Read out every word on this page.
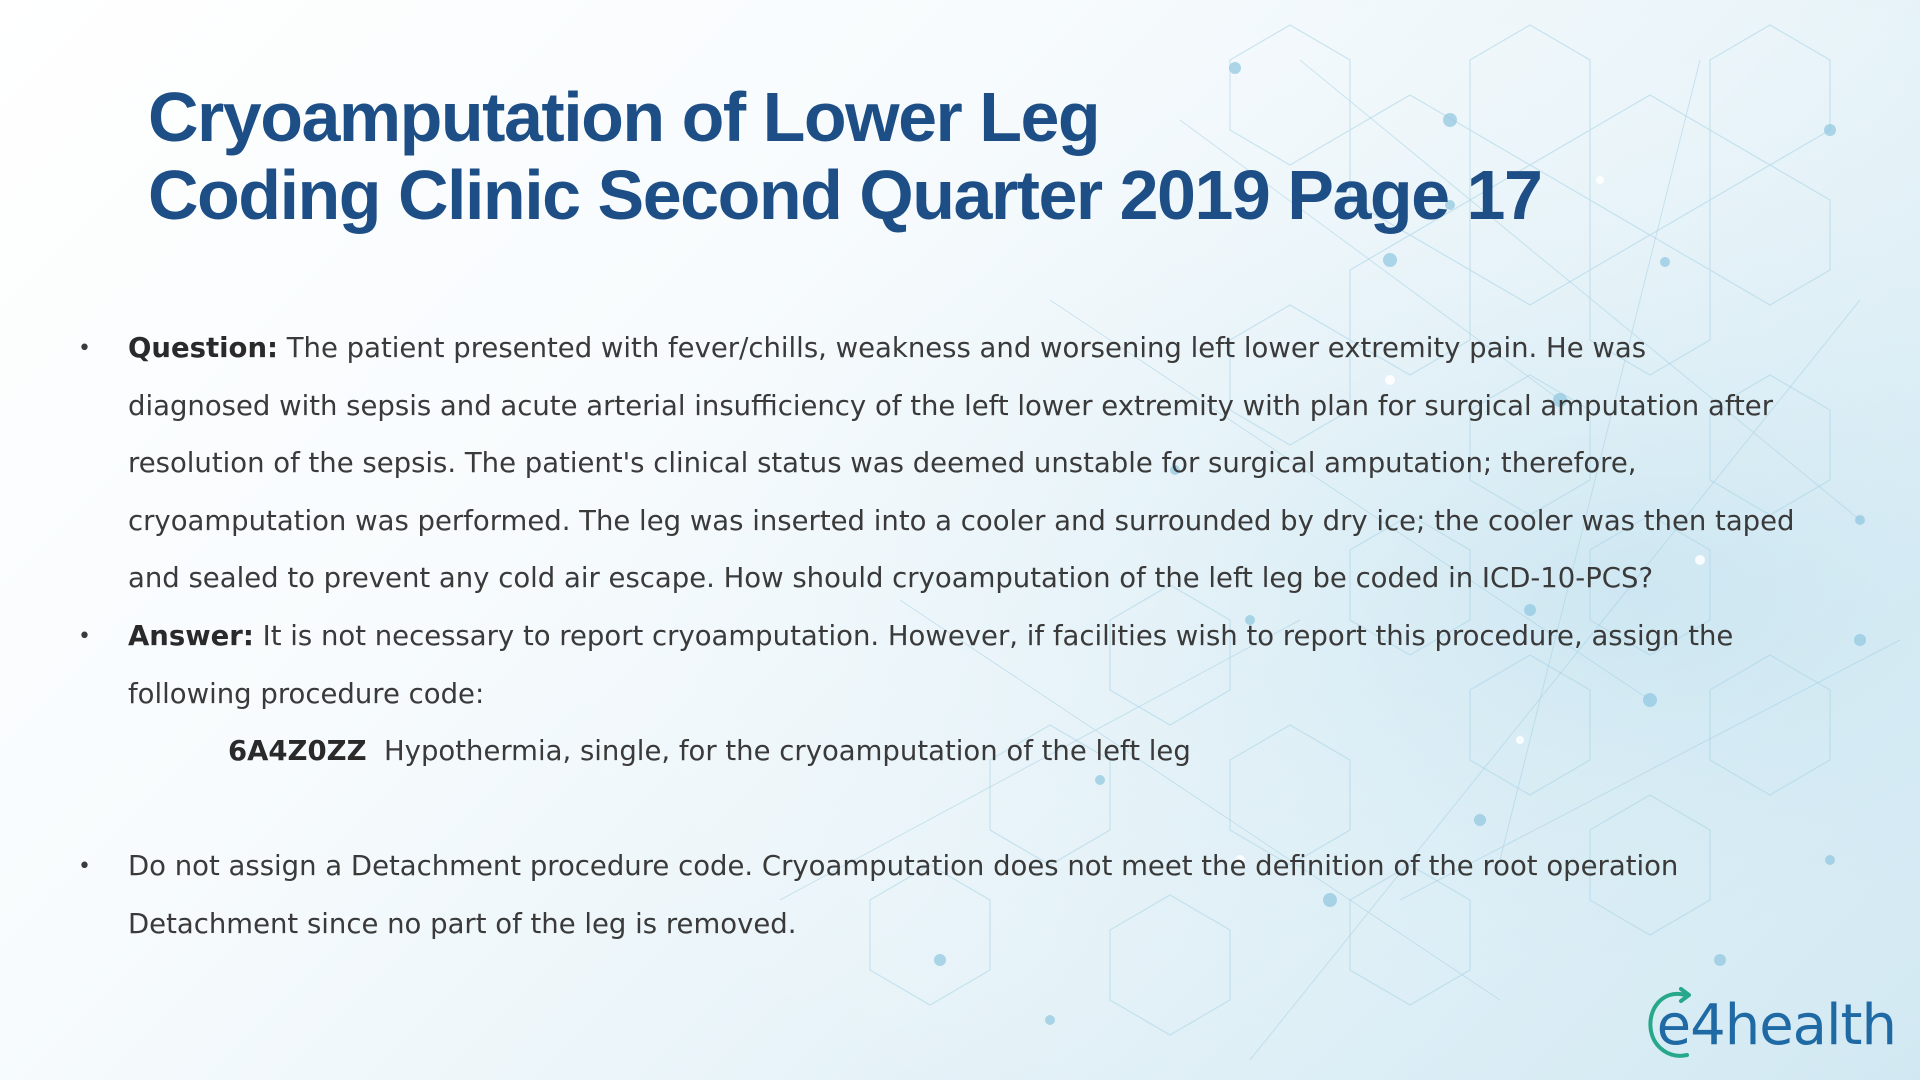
Cryoamputation of Lower Leg
Coding Clinic Second Quarter 2019 Page 17
• Question: The patient presented with fever/chills, weakness and worsening left lower extremity pain. He was diagnosed with sepsis and acute arterial insufficiency of the left lower extremity with plan for surgical amputation after resolution of the sepsis. The patient's clinical status was deemed unstable for surgical amputation; therefore, cryoamputation was performed. The leg was inserted into a cooler and surrounded by dry ice; the cooler was then taped and sealed to prevent any cold air escape. How should cryoamputation of the left leg be coded in ICD-10-PCS?
• Answer: It is not necessary to report cryoamputation. However, if facilities wish to report this procedure, assign the following procedure code:
6A4Z0ZZ  Hypothermia, single, for the cryoamputation of the left leg
• Do not assign a Detachment procedure code. Cryoamputation does not meet the definition of the root operation Detachment since no part of the leg is removed.
e 4 health
